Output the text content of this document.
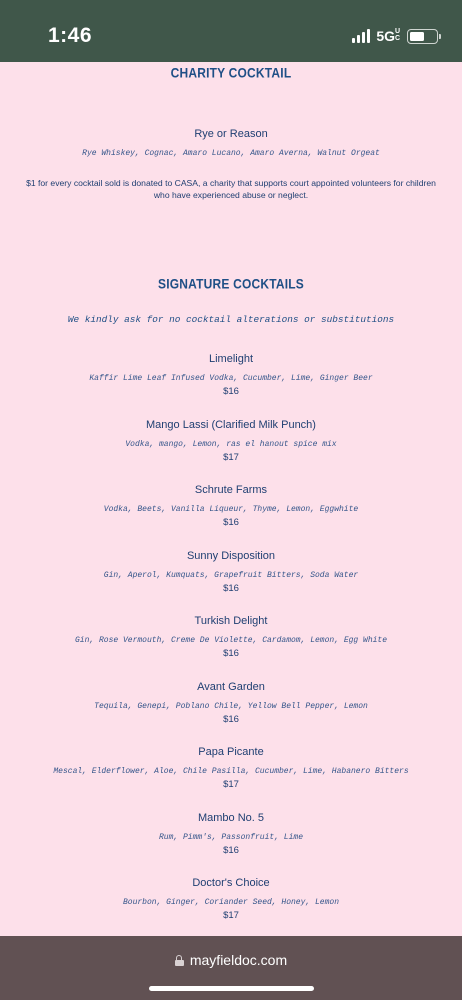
1:46	5GUC
CHARITY COCKTAIL
Rye or Reason
Rye Whiskey, Cognac, Amaro Lucano, Amaro Averna, Walnut Orgeat
$1 for every cocktail sold is donated to CASA, a charity that supports court appointed volunteers for children who have experienced abuse or neglect.
SIGNATURE COCKTAILS
We kindly ask for no cocktail alterations or substitutions
Limelight
Kaffir Lime Leaf Infused Vodka, Cucumber, Lime, Ginger Beer
$16
Mango Lassi (Clarified Milk Punch)
Vodka, mango, Lemon, ras el hanout spice mix
$17
Schrute Farms
Vodka, Beets, Vanilla Liqueur, Thyme, Lemon, Eggwhite
$16
Sunny Disposition
Gin, Aperol, Kumquats, Grapefruit Bitters, Soda Water
$16
Turkish Delight
Gin, Rose Vermouth, Creme De Violette, Cardamom, Lemon, Egg White
$16
Avant Garden
Tequila, Genepi, Poblano Chile, Yellow Bell Pepper, Lemon
$16
Papa Picante
Mescal, Elderflower, Aloe, Chile Pasilla, Cucumber, Lime, Habanero Bitters
$17
Mambo No. 5
Rum, Pimm's, Passonfruit, Lime
$16
Doctor's Choice
Bourbon, Ginger, Coriander Seed, Honey, Lemon
$17
mayfieldoc.com
